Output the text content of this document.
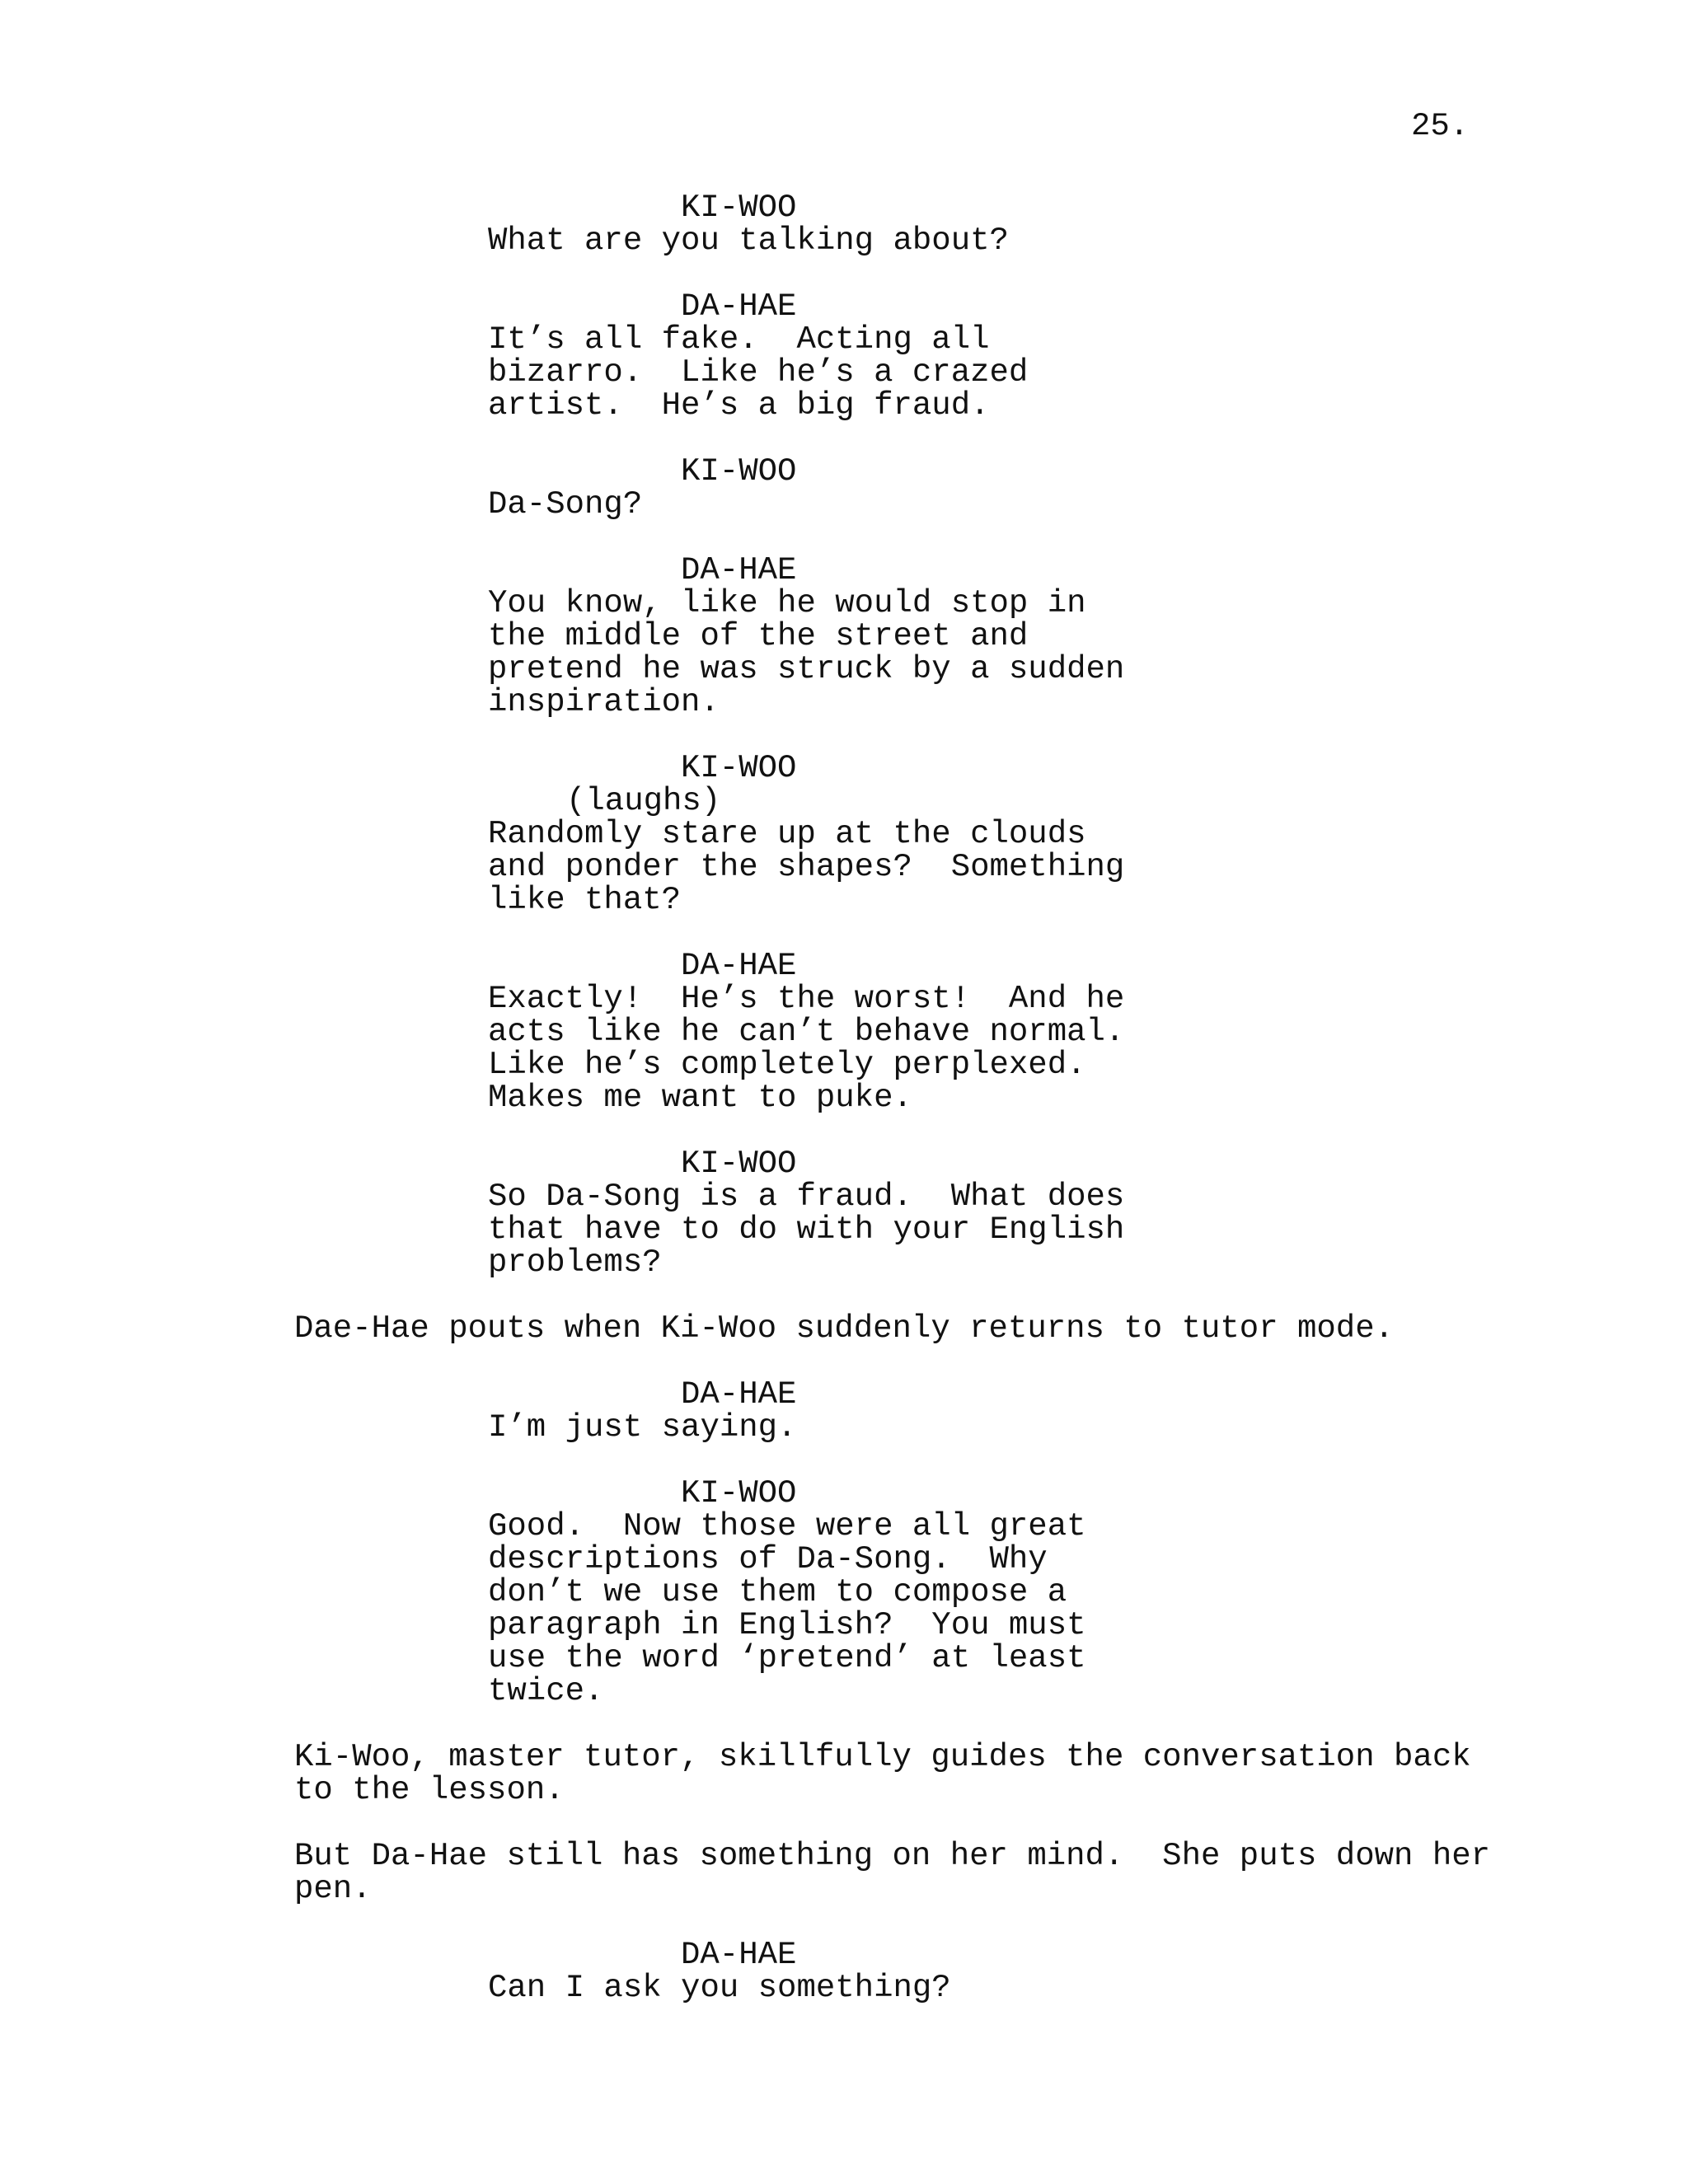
25.
KI-WOO
What are you talking about?
DA-HAE
It’s all fake.  Acting all
bizarro.  Like he’s a crazed
artist.  He’s a big fraud.
KI-WOO
Da-Song?
DA-HAE
You know, like he would stop in
the middle of the street and
pretend he was struck by a sudden
inspiration.
KI-WOO
(laughs)
Randomly stare up at the clouds
and ponder the shapes?  Something
like that?
DA-HAE
Exactly!  He’s the worst!  And he
acts like he can’t behave normal.
Like he’s completely perplexed.
Makes me want to puke.
KI-WOO
So Da-Song is a fraud.  What does
that have to do with your English
problems?
Dae-Hae pouts when Ki-Woo suddenly returns to tutor mode.
DA-HAE
I’m just saying.
KI-WOO
Good.  Now those were all great
descriptions of Da-Song.  Why
don’t we use them to compose a
paragraph in English?  You must
use the word ‘pretend’ at least
twice.
Ki-Woo, master tutor, skillfully guides the conversation back
to the lesson.
But Da-Hae still has something on her mind.  She puts down her
pen.
DA-HAE
Can I ask you something?
